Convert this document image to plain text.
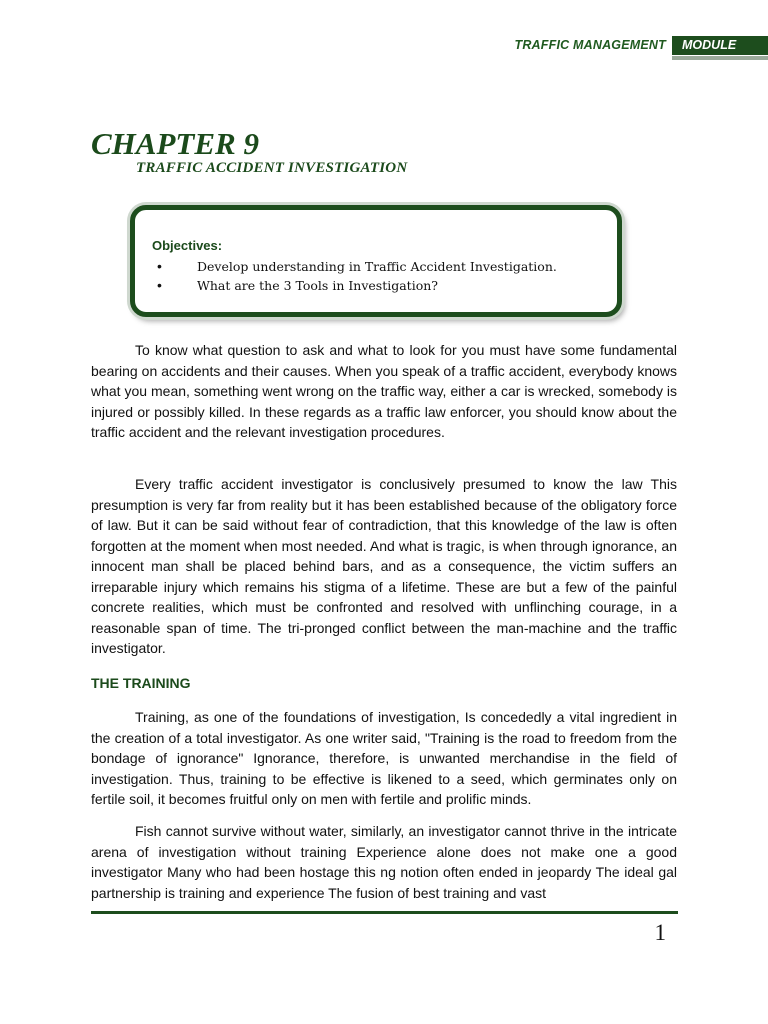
TRAFFIC MANAGEMENT	MODULE
CHAPTER 9
TRAFFIC ACCIDENT INVESTIGATION
Objectives:
•	Develop understanding in Traffic Accident Investigation.
•	What are the 3 Tools in Investigation?

To know what question to ask and what to look for you must have some fundamental bearing on accidents and their causes. When you speak of a traffic accident, everybody knows what you mean, something went wrong on the traffic way, either a car is wrecked, somebody is injured or possibly killed. In these regards as a traffic law enforcer, you should know about the traffic accident and the relevant investigation procedures.

Every traffic accident investigator is conclusively presumed to know the law This presumption is very far from reality but it has been established because of the obligatory force of law. But it can be said without fear of contradiction, that this knowledge of the law is often forgotten at the moment when most needed. And what is tragic, is when through ignorance, an innocent man shall be placed behind bars, and as a consequence, the victim suffers an irreparable injury which remains his stigma of a lifetime. These are but a few of the painful concrete realities, which must be confronted and resolved with unflinching courage, in a reasonable span of time. The tri-pronged conflict between the man-machine and the traffic investigator.

THE TRAINING

Training, as one of the foundations of investigation, Is concededly a vital ingredient in the creation of a total investigator. As one writer said, "Training is the road to freedom from the bondage of ignorance" Ignorance, therefore, is unwanted merchandise in the field of investigation. Thus, training to be effective is likened to a seed, which germinates only on fertile soil, it becomes fruitful only on men with fertile and prolific minds.

Fish cannot survive without water, similarly, an investigator cannot thrive in the intricate arena of investigation without training Experience alone does not make one a good investigator Many who had been hostage this ng notion often ended in jeopardy The ideal gal partnership is training and experience The fusion of best training and vast

1
